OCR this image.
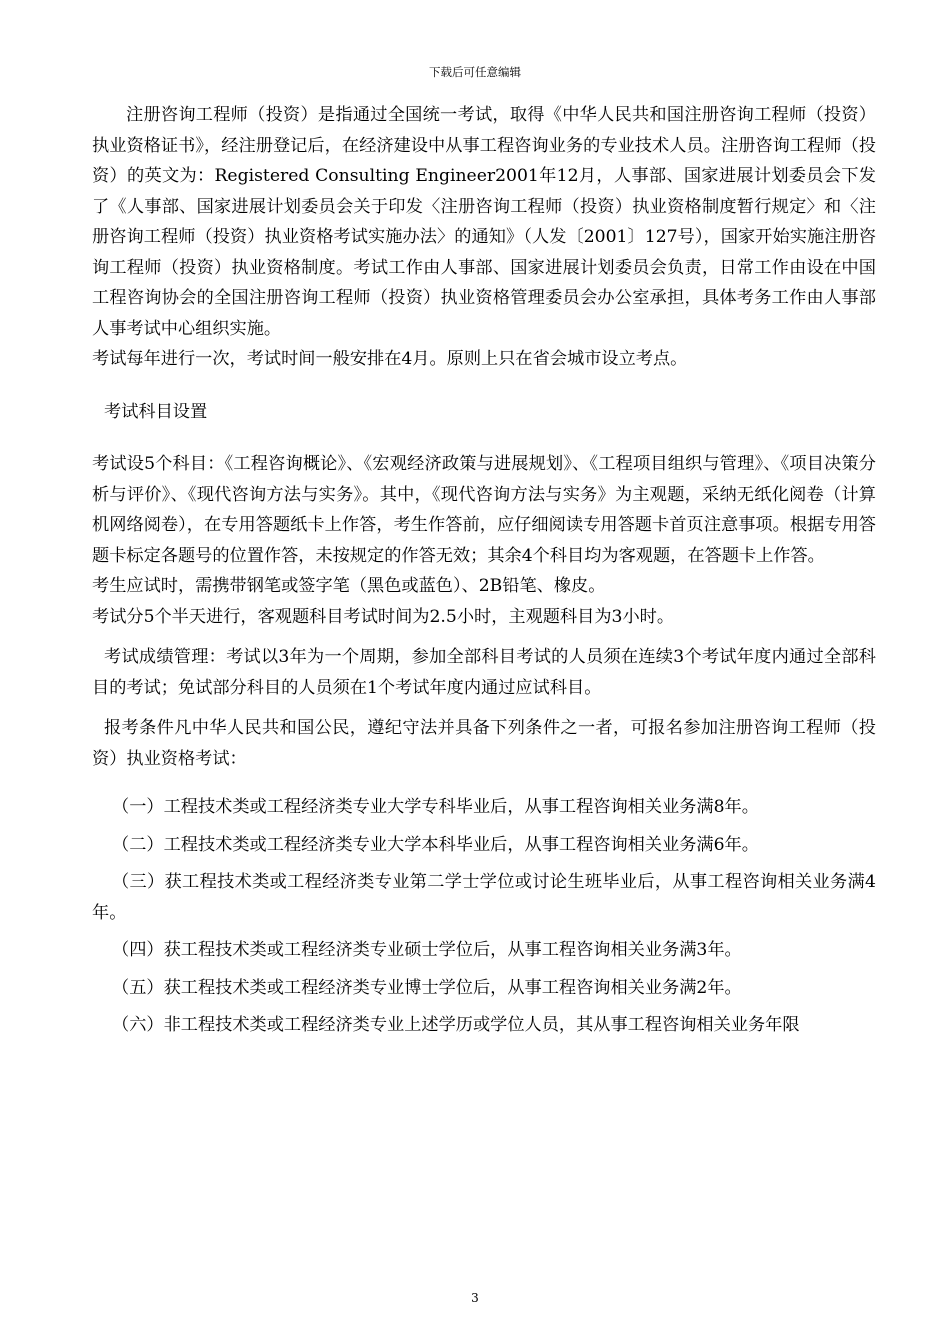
下载后可任意编辑

注册咨询工程师（投资）是指通过全国统一考试，取得《中华人民共和国注册咨询工程师（投资）执业资格证书》，经注册登记后，在经济建设中从事工程咨询业务的专业技术人员。注册咨询工程师（投资）的英文为：Registered Consulting Engineer2001年12月，人事部、国家进展计划委员会下发了《人事部、国家进展计划委员会关于印发〈注册咨询工程师（投资）执业资格制度暂行规定〉和〈注册咨询工程师（投资）执业资格考试实施办法〉的通知》（人发〔2001〕127号），国家开始实施注册咨询工程师（投资）执业资格制度。考试工作由人事部、国家进展计划委员会负责，日常工作由设在中国工程咨询协会的全国注册咨询工程师（投资）执业资格管理委员会办公室承担，具体考务工作由人事部人事考试中心组织实施。

考试每年进行一次，考试时间一般安排在4月。原则上只在省会城市设立考点。

考试科目设置

考试设5个科目：《工程咨询概论》、《宏观经济政策与进展规划》、《工程项目组织与管理》、《项目决策分析与评价》、《现代咨询方法与实务》。其中，《现代咨询方法与实务》为主观题，采纳无纸化阅卷（计算机网络阅卷），在专用答题纸卡上作答，考生作答前，应仔细阅读专用答题卡首页注意事项。根据专用答题卡标定各题号的位置作答，未按规定的作答无效；其余4个科目均为客观题，在答题卡上作答。

考生应试时，需携带钢笔或签字笔（黑色或蓝色）、2B铅笔、橡皮。

考试分5个半天进行，客观题科目考试时间为2.5小时，主观题科目为3小时。

考试成绩管理：考试以3年为一个周期，参加全部科目考试的人员须在连续3个考试年度内通过全部科目的考试；免试部分科目的人员须在1个考试年度内通过应试科目。

报考条件凡中华人民共和国公民，遵纪守法并具备下列条件之一者，可报名参加注册咨询工程师（投资）执业资格考试：

（一）工程技术类或工程经济类专业大学专科毕业后，从事工程咨询相关业务满8年。

（二）工程技术类或工程经济类专业大学本科毕业后，从事工程咨询相关业务满6年。

（三）获工程技术类或工程经济类专业第二学士学位或讨论生班毕业后，从事工程咨询相关业务满4年。

（四）获工程技术类或工程经济类专业硕士学位后，从事工程咨询相关业务满3年。

（五）获工程技术类或工程经济类专业博士学位后，从事工程咨询相关业务满2年。

（六）非工程技术类或工程经济类专业上述学历或学位人员，其从事工程咨询相关业务年限

3
